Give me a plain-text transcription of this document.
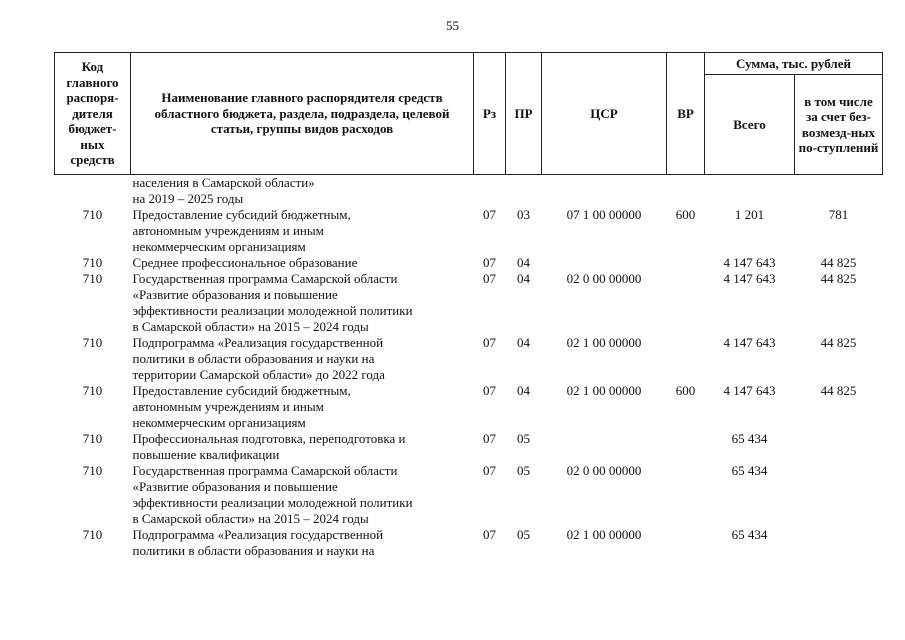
55
Код главного распоря-дителя бюджет-ных средств	Наименование главного распорядителя средств областного бюджета, раздела, подраздела, целевой статьи, группы видов расходов	Рз	ПР	ЦСР	ВР	Сумма, тыс. рублей	
						Всего	в том числе за счет без-возмезд-ных по-ступлений

	населения в Самарской области»
на 2019 – 2025 годы						

710	Предоставление субсидий бюджетным,
автономным учреждениям и иным
некоммерческим организациям	07	03	07 1 00 00000	600	1 201	781
710	Среднее профессиональное образование	07	04			4 147 643	44 825
710	Государственная программа Самарской области
«Развитие образования и повышение
эффективности реализации молодежной политики
в Самарской области» на 2015 – 2024 годы	07	04	02 0 00 00000		4 147 643	44 825
710	Подпрограмма «Реализация государственной
политики в области образования и науки на
территории Самарской области» до 2022 года	07	04	02 1 00 00000		4 147 643	44 825
710	Предоставление субсидий бюджетным,
автономным учреждениям и иным
некоммерческим организациям	07	04	02 1 00 00000	600	4 147 643	44 825
710	Профессиональная подготовка, переподготовка и
повышение квалификации	07	05			65 434	
710	Государственная программа Самарской области
«Развитие образования и повышение
эффективности реализации молодежной политики
в Самарской области» на 2015 – 2024 годы	07	05	02 0 00 00000		65 434	
710	Подпрограмма «Реализация государственной
политики в области образования и науки на	07	05	02 1 00 00000		65 434	
